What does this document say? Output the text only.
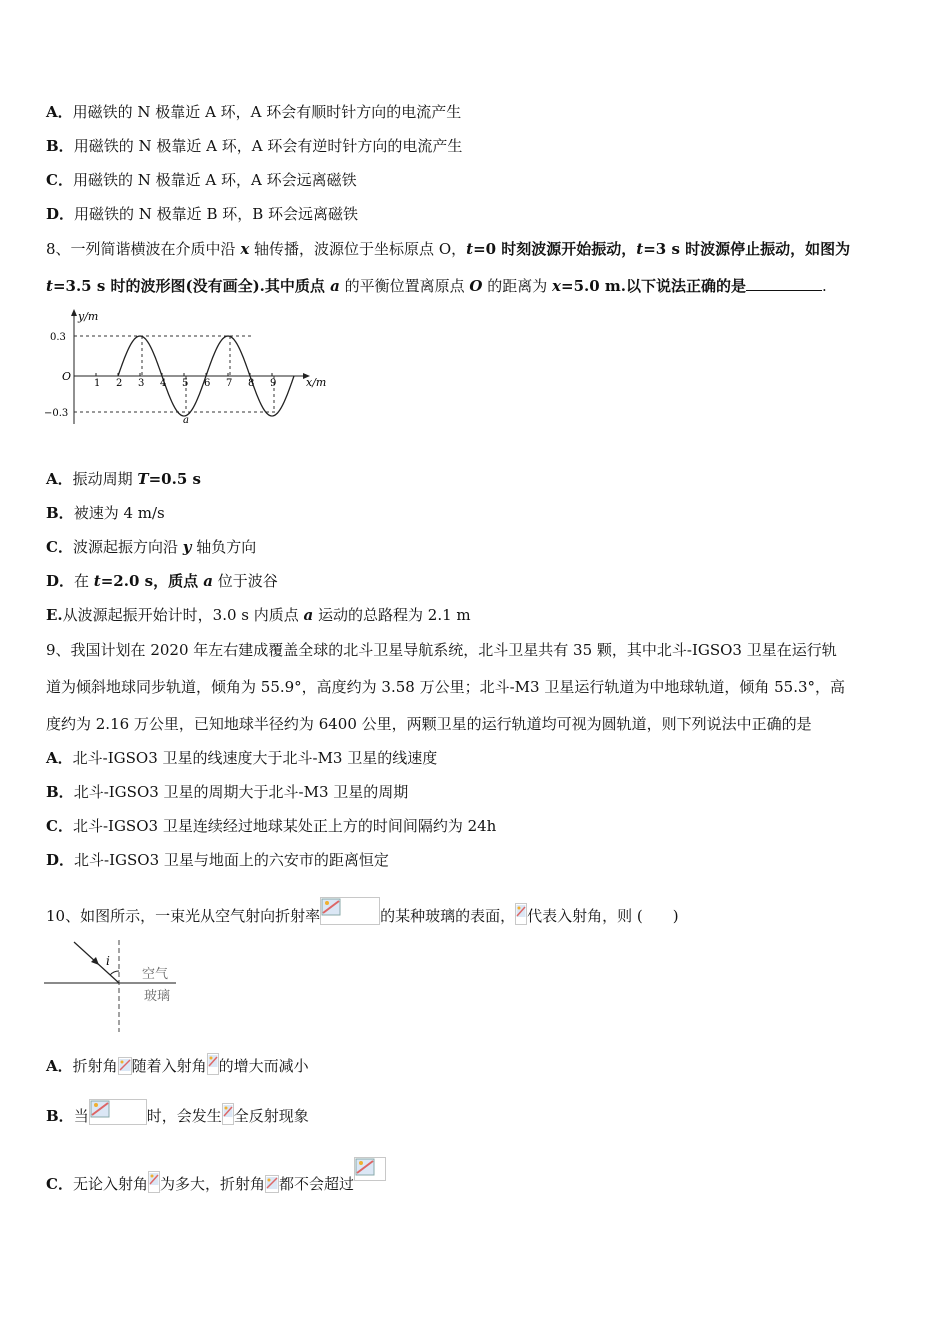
A．用磁铁的 N 极靠近 A 环，A 环会有顺时针方向的电流产生
B．用磁铁的 N 极靠近 A 环，A 环会有逆时针方向的电流产生
C．用磁铁的 N 极靠近 A 环，A 环会远离磁铁
D．用磁铁的 N 极靠近 B 环，B 环会远离磁铁
8、一列简谐横波在介质中沿 x 轴传播，波源位于坐标原点 O，t=0 时刻波源开始振动，t=3 s 时波源停止振动，如图为
t=3.5 s 时的波形图(没有画全).其中质点 a 的平衡位置离原点 O 的距离为 x=5.0 m.以下说法正确的是	.
y/m
x/m
O
0.3
−0.3
a
1 2 3 4 5 6 7 8 9
A．振动周期 T=0.5 s
B．被速为 4 m/s
C．波源起振方向沿 y 轴负方向
D．在 t=2.0 s，质点 a 位于波谷
E.从波源起振开始计时，3.0 s 内质点 a 运动的总路程为 2.1 m
9、我国计划在 2020 年左右建成覆盖全球的北斗卫星导航系统，北斗卫星共有 35 颗，其中北斗-IGSO3 卫星在运行轨
道为倾斜地球同步轨道，倾角为 55.9°，高度约为 3.58 万公里；北斗-M3 卫星运行轨道为中地球轨道，倾角 55.3°，高
度约为 2.16 万公里，已知地球半径约为 6400 公里，两颗卫星的运行轨道均可视为圆轨道，则下列说法中正确的是
A．北斗-IGSO3 卫星的线速度大于北斗-M3 卫星的线速度
B．北斗-IGSO3 卫星的周期大于北斗-M3 卫星的周期
C．北斗-IGSO3 卫星连续经过地球某处正上方的时间间隔约为 24h
D．北斗-IGSO3 卫星与地面上的六安市的距离恒定
10、如图所示，一束光从空气射向折射率	的某种玻璃的表面， 代表入射角，则 (　　)
i
空气
玻璃
A．折射角 随着入射角 的增大而减小
B．当	时，会发生 全反射现象
C．无论入射角 为多大，折射角 都不会超过
